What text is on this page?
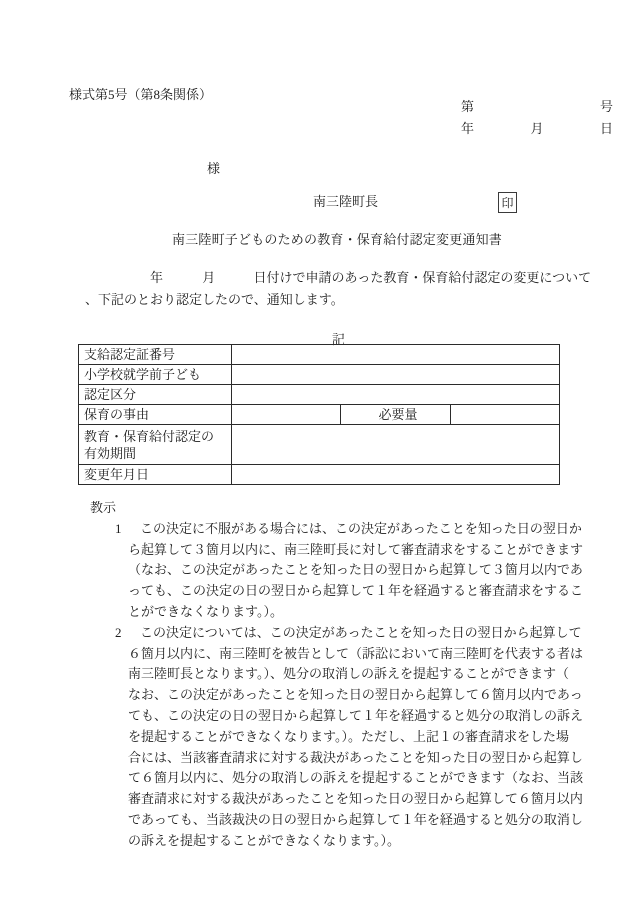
様式第5号（第8条関係）
第	号
年	月	日
様
南三陸町長	印
南三陸町子どものための教育・保育給付認定変更通知書
年	月	日付けで申請のあった教育・保育給付認定の変更について
、下記のとおり認定したので、通知します。
記
支給認定証番号			
小学校就学前子ども			
認定区分			
保育の事由		必要量	

教育・保育給付認定の
有効期間			

変更年月日			
教示
1	この決定に不服がある場合には、この決定があったことを知った日の翌日か
ら起算して３箇月以内に、南三陸町長に対して審査請求をすることができます
（なお、この決定があったことを知った日の翌日から起算して３箇月以内であ
っても、この決定の日の翌日から起算して１年を経過すると審査請求をするこ
とができなくなります。）。
2	この決定については、この決定があったことを知った日の翌日から起算して
６箇月以内に、南三陸町を被告として（訴訟において南三陸町を代表する者は
南三陸町長となります。）、処分の取消しの訴えを提起することができます（
なお、この決定があったことを知った日の翌日から起算して６箇月以内であっ
ても、この決定の日の翌日から起算して１年を経過すると処分の取消しの訴え
を提起することができなくなります。）。ただし、上記１の審査請求をした場
合には、当該審査請求に対する裁決があったことを知った日の翌日から起算し
て６箇月以内に、処分の取消しの訴えを提起することができます（なお、当該
審査請求に対する裁決があったことを知った日の翌日から起算して６箇月以内
であっても、当該裁決の日の翌日から起算して１年を経過すると処分の取消し
の訴えを提起することができなくなります。）。
